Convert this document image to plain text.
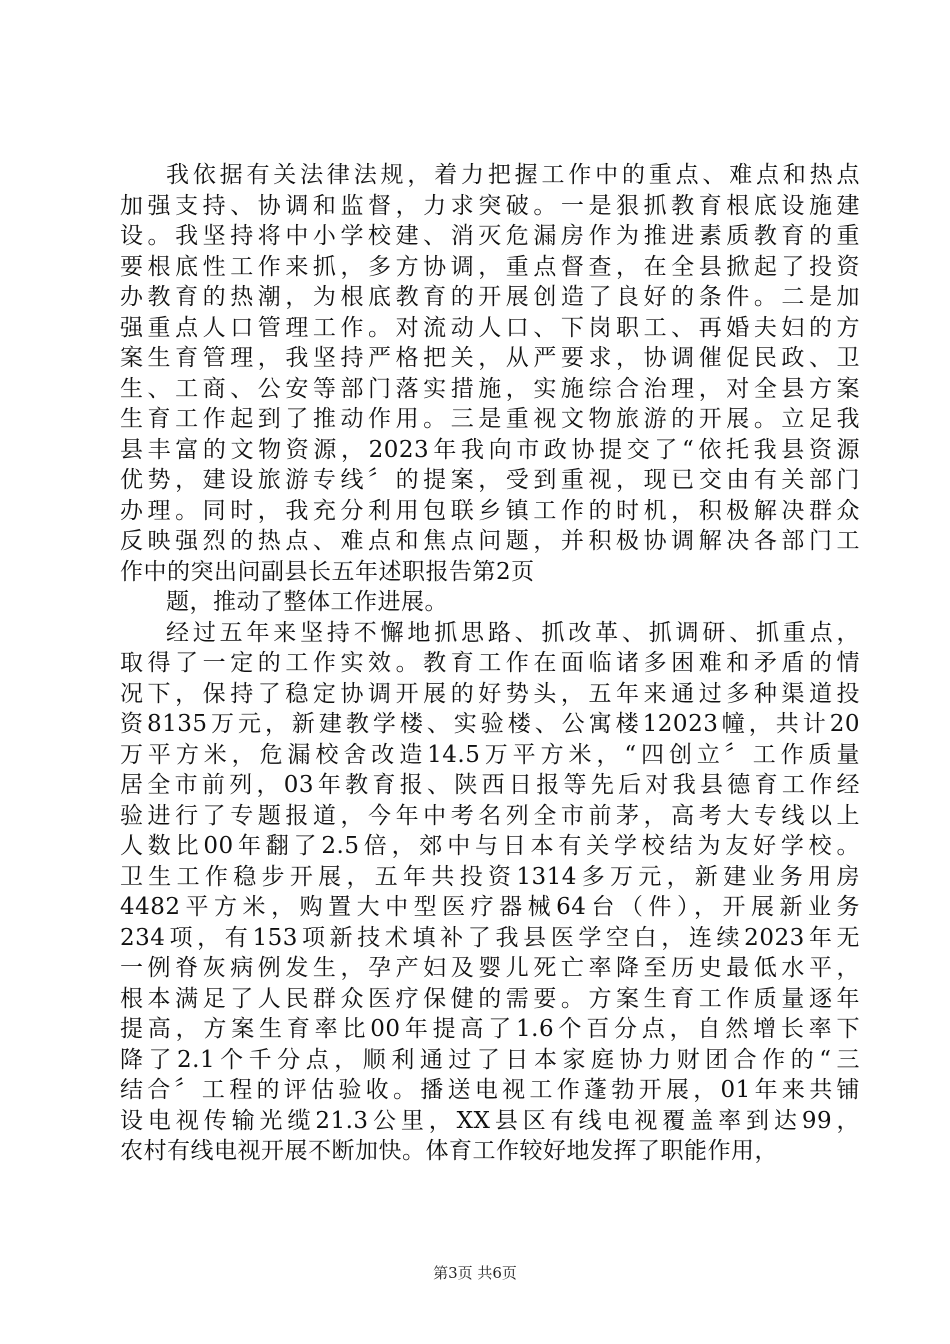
我依据有关法律法规，着力把握工作中的重点、难点和热点
加强支持、协调和监督，力求突破。一是狠抓教育根底设施建
设。我坚持将中小学校建、消灭危漏房作为推进素质教育的重
要根底性工作来抓，多方协调，重点督查，在全县掀起了投资
办教育的热潮，为根底教育的开展创造了良好的条件。二是加
强重点人口管理工作。对流动人口、下岗职工、再婚夫妇的方
案生育管理，我坚持严格把关，从严要求，协调催促民政、卫
生、工商、公安等部门落实措施，实施综合治理，对全县方案
生育工作起到了推动作用。三是重视文物旅游的开展。立足我
县丰富的文物资源，2023年我向市政协提交了“依托我县资源
优势，建设旅游专线〞的提案，受到重视，现已交由有关部门
办理。同时，我充分利用包联乡镇工作的时机，积极解决群众
反映强烈的热点、难点和焦点问题，并积极协调解决各部门工
作中的突出问副县长五年述职报告第2页
题，推动了整体工作进展。
经过五年来坚持不懈地抓思路、抓改革、抓调研、抓重点，
取得了一定的工作实效。教育工作在面临诸多困难和矛盾的情
况下，保持了稳定协调开展的好势头，五年来通过多种渠道投
资8135万元，新建教学楼、实验楼、公寓楼12023幢，共计20
万平方米，危漏校舍改造14.5万平方米，“四创立〞工作质量
居全市前列，03年教育报、陕西日报等先后对我县德育工作经
验进行了专题报道，今年中考名列全市前茅，高考大专线以上
人数比00年翻了2.5倍，郊中与日本有关学校结为友好学校。
卫生工作稳步开展，五年共投资1314多万元，新建业务用房
4482平方米，购置大中型医疗器械64台（件），开展新业务
234项，有153项新技术填补了我县医学空白，连续2023年无
一例脊灰病例发生，孕产妇及婴儿死亡率降至历史最低水平，
根本满足了人民群众医疗保健的需要。方案生育工作质量逐年
提高，方案生育率比00年提高了1.6个百分点，自然增长率下
降了2.1个千分点，顺利通过了日本家庭协力财团合作的“三
结合〞工程的评估验收。播送电视工作蓬勃开展，01年来共铺
设电视传输光缆21.3公里，XX县区有线电视覆盖率到达99，
农村有线电视开展不断加快。体育工作较好地发挥了职能作用，
第3页 共6页
